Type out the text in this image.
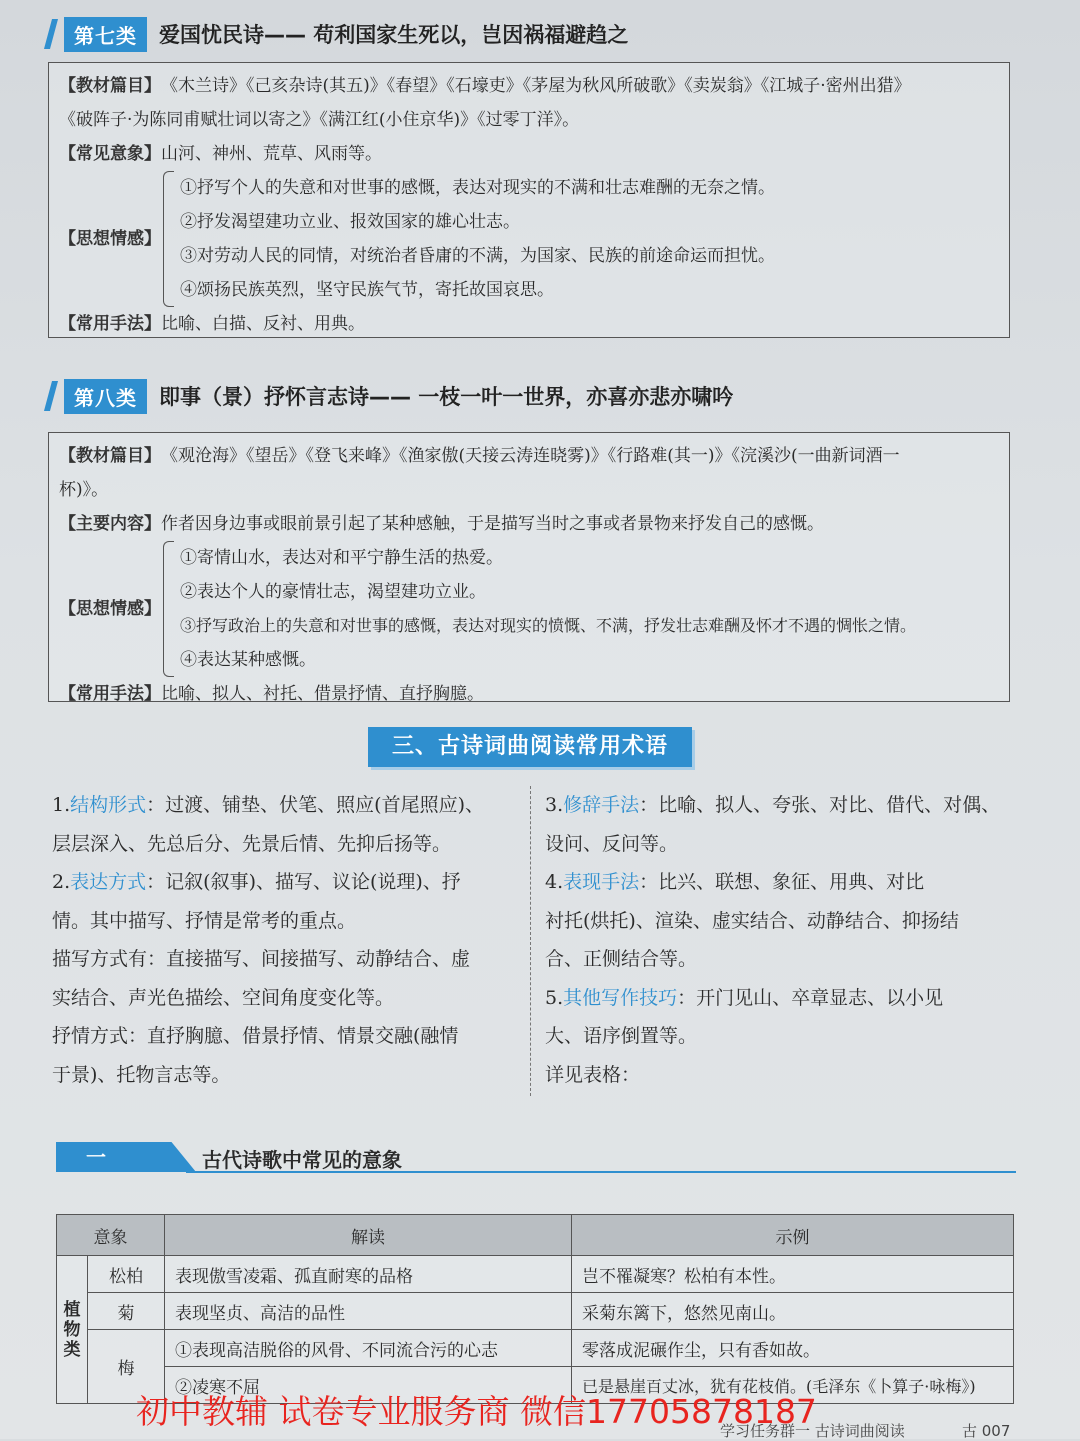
第七类	爱国忧民诗—— 苟利国家生死以，岂因祸福避趋之
【教材篇目】 《木兰诗》《己亥杂诗(其五)》《春望》《石壕吏》《茅屋为秋风所破歌》《卖炭翁》《江城子·密州出猎》
《破阵子·为陈同甫赋壮词以寄之》《满江红(小住京华)》《过零丁洋》。
【常见意象】 山河、神州、荒草、风雨等。
【思想情感】
①抒写个人的失意和对世事的感慨，表达对现实的不满和壮志难酬的无奈之情。
②抒发渴望建功立业、报效国家的雄心壮志。
③对劳动人民的同情，对统治者昏庸的不满，为国家、民族的前途命运而担忧。
④颂扬民族英烈，坚守民族气节，寄托故国哀思。
【常用手法】 比喻、白描、反衬、用典。
第八类	即事（景）抒怀言志诗—— 一枝一叶一世界，亦喜亦悲亦啸吟
【教材篇目】 《观沧海》《望岳》《登飞来峰》《渔家傲(天接云涛连晓雾)》《行路难(其一)》《浣溪沙(一曲新词酒一
杯)》。
【主要内容】 作者因身边事或眼前景引起了某种感触，于是描写当时之事或者景物来抒发自己的感慨。
【思想情感】
①寄情山水，表达对和平宁静生活的热爱。
②表达个人的豪情壮志，渴望建功立业。
③抒写政治上的失意和对世事的感慨，表达对现实的愤慨、不满，抒发壮志难酬及怀才不遇的惆怅之情。
④表达某种感慨。
【常用手法】 比喻、拟人、衬托、借景抒情、直抒胸臆。
三、古诗词曲阅读常用术语
1.结构形式：过渡、铺垫、伏笔、照应(首尾照应)、
层层深入、先总后分、先景后情、先抑后扬等。
2.表达方式：记叙(叙事)、描写、议论(说理)、抒
情。其中描写、抒情是常考的重点。
描写方式有：直接描写、间接描写、动静结合、虚
实结合、声光色描绘、空间角度变化等。
抒情方式：直抒胸臆、借景抒情、情景交融(融情
于景)、托物言志等。
3.修辞手法：比喻、拟人、夸张、对比、借代、对偶、
设问、反问等。
4.表现手法：比兴、联想、象征、用典、对比
衬托(烘托)、渲染、虚实结合、动静结合、抑扬结
合、正侧结合等。
5.其他写作技巧：开门见山、卒章显志、以小见
大、语序倒置等。
详见表格：
一	古代诗歌中常见的意象
意象		解读	示例
植物类	松柏	表现傲雪凌霜、孤直耐寒的品格	岂不罹凝寒？松柏有本性。
	菊	表现坚贞、高洁的品性	采菊东篱下，悠然见南山。
	梅	①表现高洁脱俗的风骨、不同流合污的心志	零落成泥碾作尘，只有香如故。
		②凌寒不屈	已是悬崖百丈冰，犹有花枝俏。(毛泽东《卜算子·咏梅》)
学习任务群一 古诗词曲阅读	古 007
初中教辅 试卷专业服务商 微信17705878187
